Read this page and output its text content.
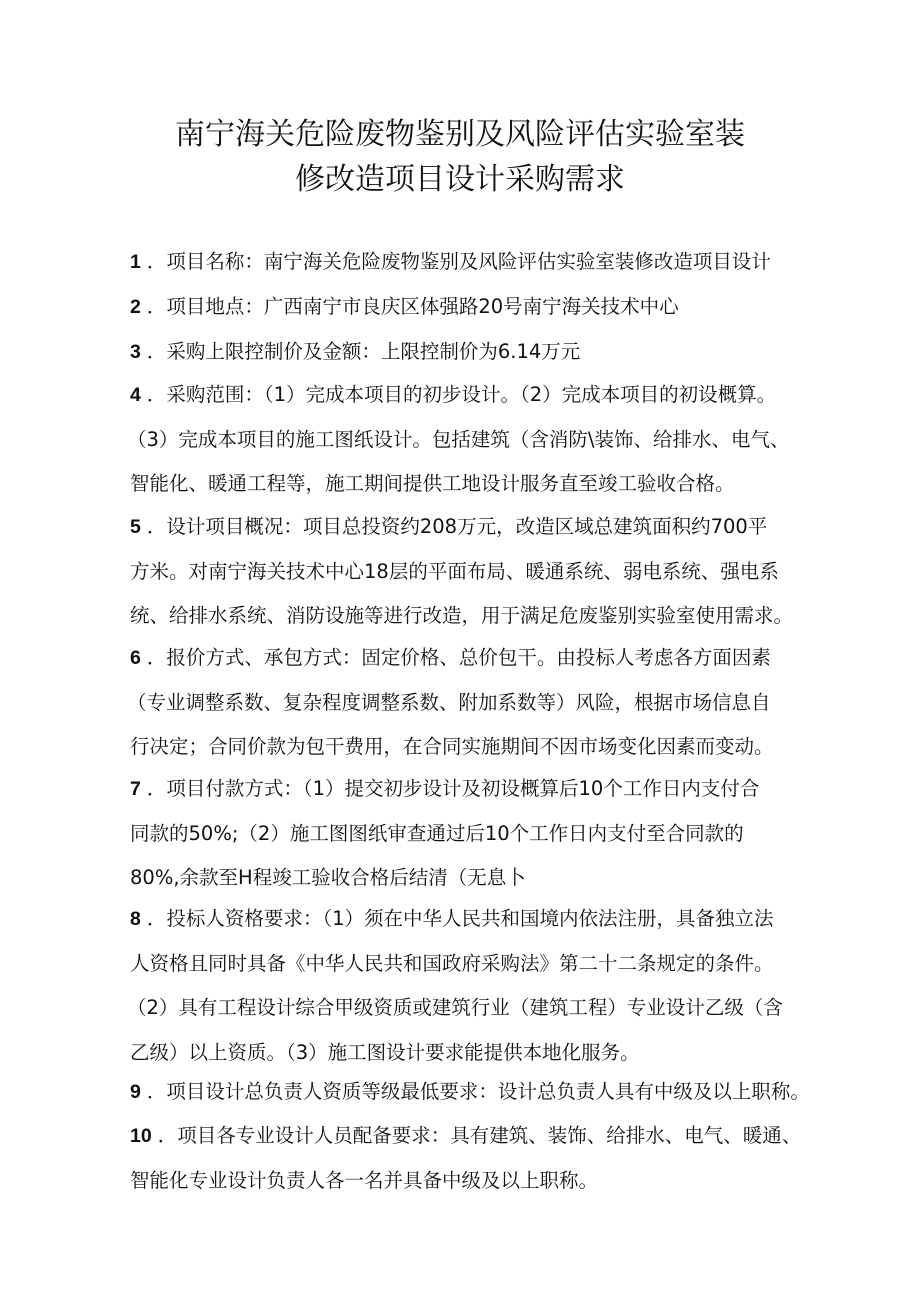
南宁海关危险废物鉴别及风险评估实验室装
修改造项目设计采购需求
1 ．项目名称：南宁海关危险废物鉴别及风险评估实验室装修改造项目设计
2 ．项目地点：广西南宁市良庆区体强路20号南宁海关技术中心
3 ．采购上限控制价及金额：上限控制价为6.14万元
4 ．采购范围：（1）完成本项目的初步设计。（2）完成本项目的初设概算。
（3）完成本项目的施工图纸设计。包括建筑（含消防\装饰、给排水、电气、
智能化、暖通工程等，施工期间提供工地设计服务直至竣工验收合格。
5 ．设计项目概况：项目总投资约208万元，改造区域总建筑面积约700平
方米。对南宁海关技术中心18层的平面布局、暖通系统、弱电系统、强电系
统、给排水系统、消防设施等进行改造，用于满足危废鉴别实验室使用需求。
6 ．报价方式、承包方式：固定价格、总价包干。由投标人考虑各方面因素
（专业调整系数、复杂程度调整系数、附加系数等）风险，根据市场信息自
行决定；合同价款为包干费用，在合同实施期间不因市场变化因素而变动。
7 ．项目付款方式：（1）提交初步设计及初设概算后10个工作日内支付合
同款的50%;（2）施工图图纸审查通过后10个工作日内支付至合同款的
80%,余款至H程竣工验收合格后结清（无息卜
8 ．投标人资格要求：（1）须在中华人民共和国境内依法注册，具备独立法
人资格且同时具备《中华人民共和国政府采购法》第二十二条规定的条件。
（2）具有工程设计综合甲级资质或建筑行业（建筑工程）专业设计乙级（含
乙级）以上资质。（3）施工图设计要求能提供本地化服务。
9 ．项目设计总负责人资质等级最低要求：设计总负责人具有中级及以上职称。
10 ．项目各专业设计人员配备要求：具有建筑、装饰、给排水、电气、暖通、
智能化专业设计负责人各一名并具备中级及以上职称。
